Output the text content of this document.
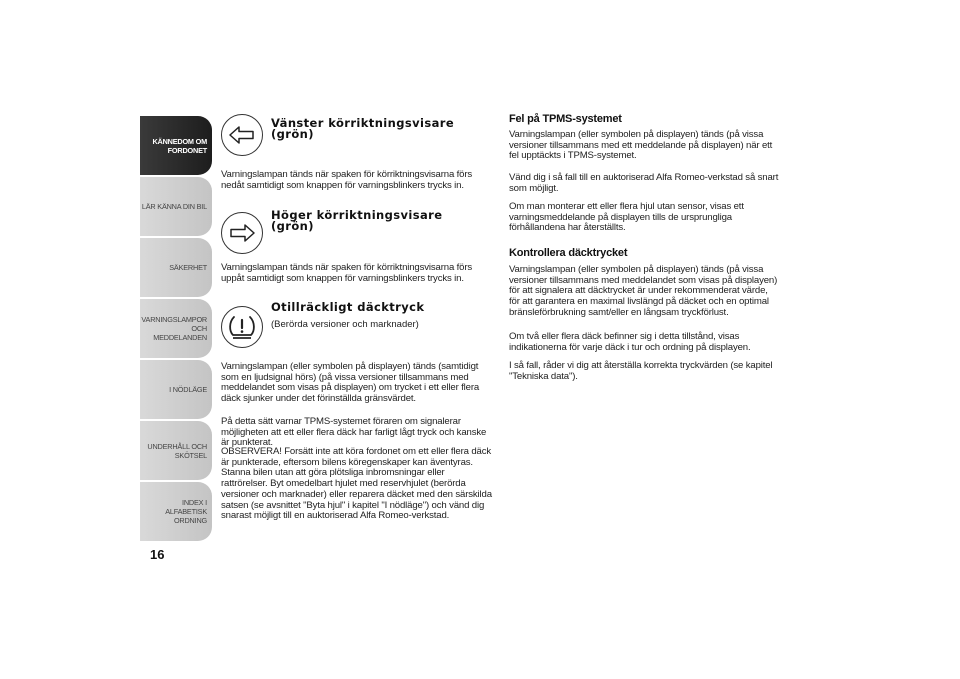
KÄNNEDOM OM FORDONET
LÄR KÄNNA DIN BIL
SÄKERHET
VARNINGSLAMPOR OCH MEDDELANDEN
I NÖDLÄGE
UNDERHÅLL OCH SKÖTSEL
INDEX I ALFABETISK ORDNING
16
Vänster körriktningsvisare
(grön)

Varningslampan tänds när spaken för körriktningsvisarna förs nedåt samtidigt som knappen för varningsblinkers trycks in.

Höger körriktningsvisare
(grön)

Varningslampan tänds när spaken för körriktningsvisarna förs uppåt samtidigt som knappen för varningsblinkers trycks in.

Otillräckligt däcktryck
(Berörda versioner och marknader)

Varningslampan (eller symbolen på displayen) tänds (samtidigt som en ljudsignal hörs) (på vissa versioner tillsammans med meddelandet som visas på displayen) om trycket i ett eller flera däck sjunker under det förinställda gränsvärdet.

På detta sätt varnar TPMS-systemet föraren om signalerar möjligheten att ett eller flera däck har farligt lågt tryck och kanske är punkterat.

OBSERVERA! Forsätt inte att köra fordonet om ett eller flera däck är punkterade, eftersom bilens köregenskaper kan äventyras. Stanna bilen utan att göra plötsliga inbromsningar eller rattrörelser. Byt omedelbart hjulet med reservhjulet (berörda versioner och marknader) eller reparera däcket med den särskilda satsen (se avsnittet "Byta hjul" i kapitel "I nödläge") och vänd dig snarast möjligt till en auktoriserad Alfa Romeo-verkstad.

Fel på TPMS-systemet

Varningslampan (eller symbolen på displayen) tänds (på vissa versioner tillsammans med ett meddelande på displayen) när ett fel upptäckts i TPMS-systemet.

Vänd dig i så fall till en auktoriserad Alfa Romeo-verkstad så snart som möjligt.

Om man monterar ett eller flera hjul utan sensor, visas ett varningsmeddelande på displayen tills de ursprungliga förhållandena har återställts.

Kontrollera däcktrycket

Varningslampan (eller symbolen på displayen) tänds (på vissa versioner tillsammans med meddelandet som visas på displayen) för att signalera att däcktrycket är under rekommenderat värde, för att garantera en maximal livslängd på däcket och en optimal bränsleförbrukning samt/eller en långsam tryckförlust.

Om två eller flera däck befinner sig i detta tillstånd, visas indikationerna för varje däck i tur och ordning på displayen.

I så fall, råder vi dig att återställa korrekta tryckvärden (se kapitel "Tekniska data").
